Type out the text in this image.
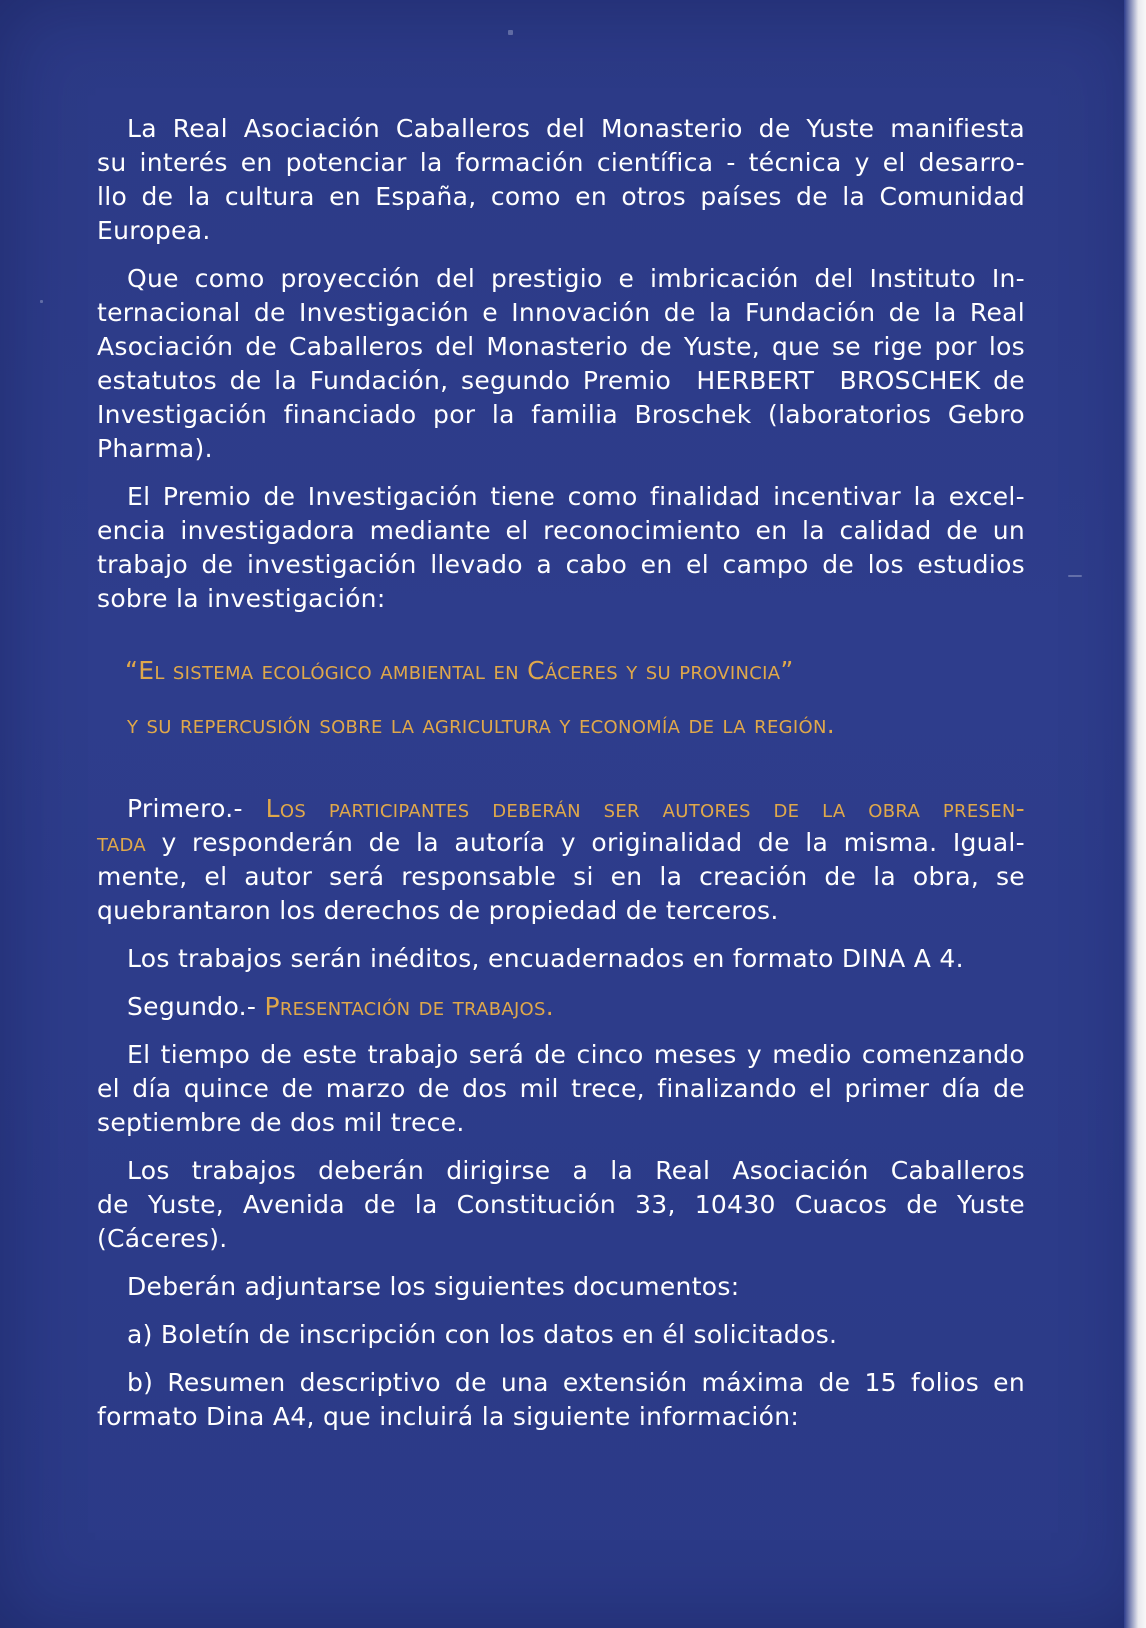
La Real Asociación Caballeros del Monasterio de Yuste manifiesta
su interés en potenciar la formación científica - técnica y el desarro-
llo de la cultura en España, como en otros países de la Comunidad
Europea.

Que como proyección del prestigio e imbricación del Instituto In-
ternacional de Investigación e Innovación de la Fundación de la Real
Asociación de Caballeros del Monasterio de Yuste, que se rige por los
estatutos de la Fundación, segundo Premio  HERBERT  BROSCHEK de
Investigación financiado por la familia Broschek (laboratorios Gebro
Pharma).

El Premio de Investigación tiene como finalidad incentivar la excel-
encia investigadora mediante el reconocimiento en la calidad de un
trabajo de investigación llevado a cabo en el campo de los estudios
sobre la investigación:

“El sistema ecológico ambiental en Cáceres y su provincia”
y su repercusión sobre la agricultura y economía de la región.

Primero.- Los participantes deberán ser autores de la obra presen-
tada y responderán de la autoría y originalidad de la misma. Igual-
mente, el autor será responsable si en la creación de la obra, se
quebrantaron los derechos de propiedad de terceros.

Los trabajos serán inéditos, encuadernados en formato DINA A 4.

Segundo.- Presentación de trabajos.

El tiempo de este trabajo será de cinco meses y medio comenzando
el día quince de marzo de dos mil trece, finalizando el primer día de
septiembre de dos mil trece.

Los trabajos deberán dirigirse a la Real Asociación Caballeros
de Yuste, Avenida de la Constitución 33, 10430 Cuacos de Yuste
(Cáceres).

Deberán adjuntarse los siguientes documentos:

a) Boletín de inscripción con los datos en él solicitados.

b) Resumen descriptivo de una extensión máxima de 15 folios en
formato Dina A4, que incluirá la siguiente información:
